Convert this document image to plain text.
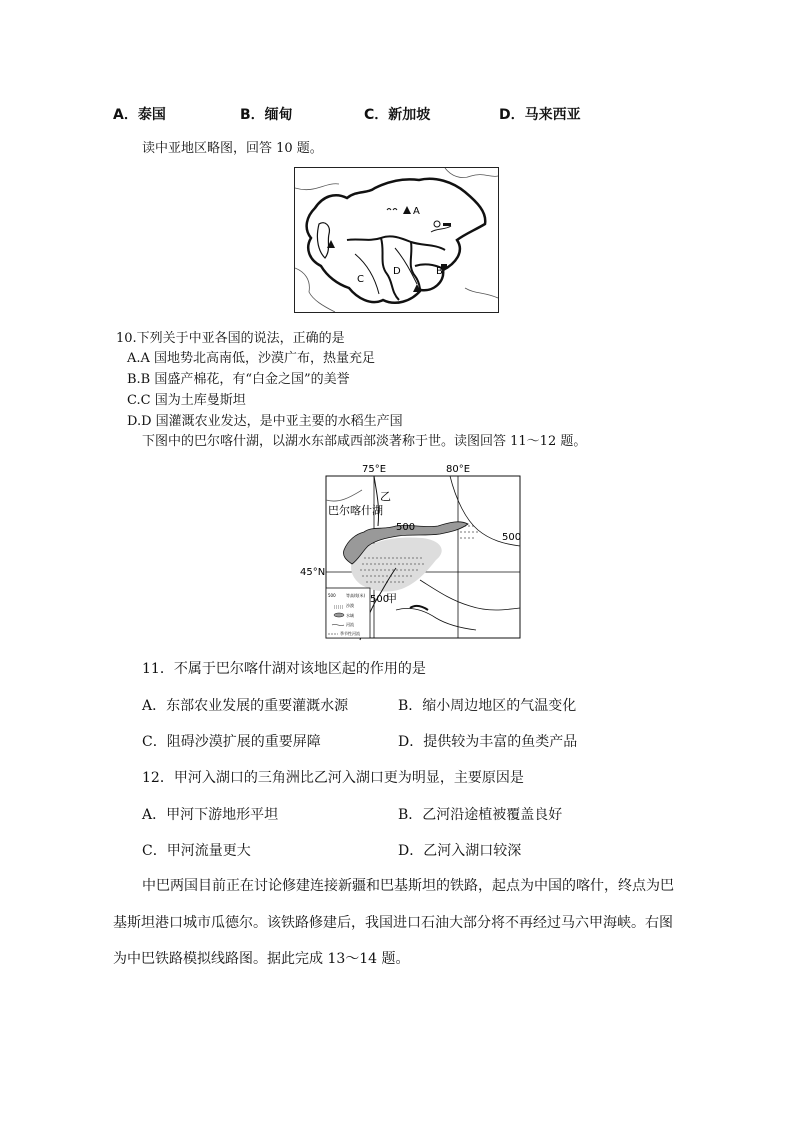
A．泰国	B．缅甸	C．新加坡	D．马来西亚
读中亚地区略图，回答 10 题。
A
B
C
D
10.下列关于中亚各国的说法，正确的是
A.A 国地势北高南低，沙漠广布，热量充足
B.B 国盛产棉花，有“白金之国”的美誉
C.C 国为土库曼斯坦
D.D 国灌溉农业发达，是中亚主要的水稻生产国
下图中的巴尔喀什湖，以湖水东部咸西部淡著称于世。读图回答 11～12 题。
75°E	80°E
45°N
巴尔喀什湖
乙
甲
500
500
500
500	等高线(米)
沙漠
水域
河流
季节性河流
11．不属于巴尔喀什湖对该地区起的作用的是
A．东部农业发展的重要灌溉水源	B．缩小周边地区的气温变化
C．阻碍沙漠扩展的重要屏障	D．提供较为丰富的鱼类产品
12．甲河入湖口的三角洲比乙河入湖口更为明显，主要原因是
A．甲河下游地形平坦	B．乙河沿途植被覆盖良好
C．甲河流量更大	D．乙河入湖口较深
中巴两国目前正在讨论修建连接新疆和巴基斯坦的铁路，起点为中国的喀什，终点为巴
基斯坦港口城市瓜德尔。该铁路修建后，我国进口石油大部分将不再经过马六甲海峡。右图
为中巴铁路模拟线路图。据此完成 13～14 题。
